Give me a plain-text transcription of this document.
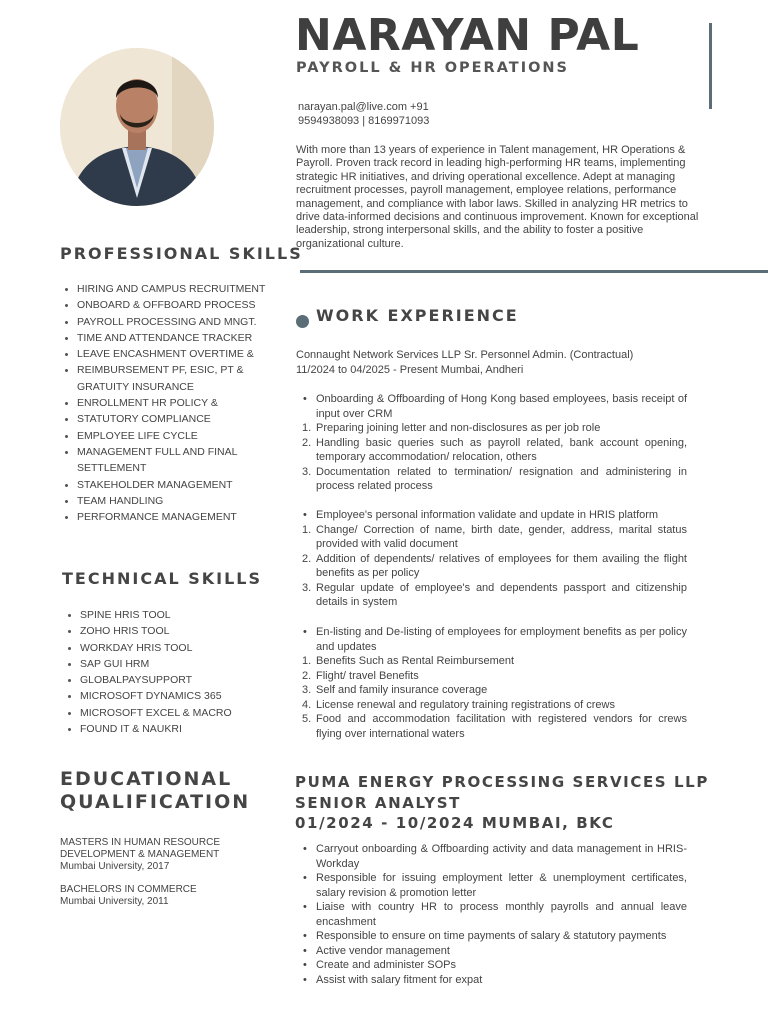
NARAYAN PAL
PAYROLL & HR OPERATIONS
narayan.pal@live.com +91
9594938093 | 8169971093
With more than 13 years of experience in Talent management, HR Operations & Payroll. Proven track record in leading high-performing HR teams, implementing strategic HR initiatives, and driving operational excellence. Adept at managing recruitment processes, payroll management, employee relations, performance management, and compliance with labor laws. Skilled in analyzing HR metrics to drive data-informed decisions and continuous improvement. Known for exceptional leadership, strong interpersonal skills, and the ability to foster a positive organizational culture.
PROFESSIONAL SKILLS
HIRING AND CAMPUS RECRUITMENT
ONBOARD & OFFBOARD PROCESS
PAYROLL PROCESSING AND MNGT.
TIME AND ATTENDANCE TRACKER
LEAVE ENCASHMENT OVERTIME &
REIMBURSEMENT PF, ESIC, PT & GRATUITY INSURANCE
ENROLLMENT HR POLICY &
STATUTORY COMPLIANCE
EMPLOYEE LIFE CYCLE
MANAGEMENT FULL AND FINAL SETTLEMENT
STAKEHOLDER MANAGEMENT
TEAM HANDLING
PERFORMANCE MANAGEMENT
TECHNICAL SKILLS
SPINE HRIS TOOL
ZOHO HRIS TOOL
WORKDAY HRIS TOOL
SAP GUI HRM
GLOBALPAYSUPPORT
MICROSOFT DYNAMICS 365
MICROSOFT EXCEL & MACRO
FOUND IT & NAUKRI
EDUCATIONAL
QUALIFICATION
MASTERS IN HUMAN RESOURCE DEVELOPMENT & MANAGEMENT
Mumbai University, 2017
BACHELORS IN COMMERCE
Mumbai University, 2011
WORK EXPERIENCE
Connaught Network Services LLP Sr. Personnel Admin. (Contractual)
11/2024 to 04/2025 - Present Mumbai, Andheri
• Onboarding & Offboarding of Hong Kong based employees, basis receipt of input over CRM
1. Preparing joining letter and non-disclosures as per job role
2. Handling basic queries such as payroll related, bank account opening, temporary accommodation/ relocation, others
3. Documentation related to termination/ resignation and administering in process related process
• Employee's personal information validate and update in HRIS platform
1. Change/ Correction of name, birth date, gender, address, marital status provided with valid document
2. Addition of dependents/ relatives of employees for them availing the flight benefits as per policy
3. Regular update of employee's and dependents passport and citizenship details in system
• En-listing and De-listing of employees for employment benefits as per policy and updates
1. Benefits Such as Rental Reimbursement
2. Flight/ travel Benefits
3. Self and family insurance coverage
4. License renewal and regulatory training registrations of crews
5. Food and accommodation facilitation with registered vendors for crews flying over international waters
PUMA ENERGY PROCESSING SERVICES LLP
SENIOR ANALYST
01/2024 - 10/2024 MUMBAI, BKC
• Carryout onboarding & Offboarding activity and data management in HRIS-Workday
• Responsible for issuing employment letter & unemployment certificates, salary revision & promotion letter
• Liaise with country HR to process monthly payrolls and annual leave encashment
• Responsible to ensure on time payments of salary & statutory payments
• Active vendor management
• Create and administer SOPs
• Assist with salary fitment for expat
